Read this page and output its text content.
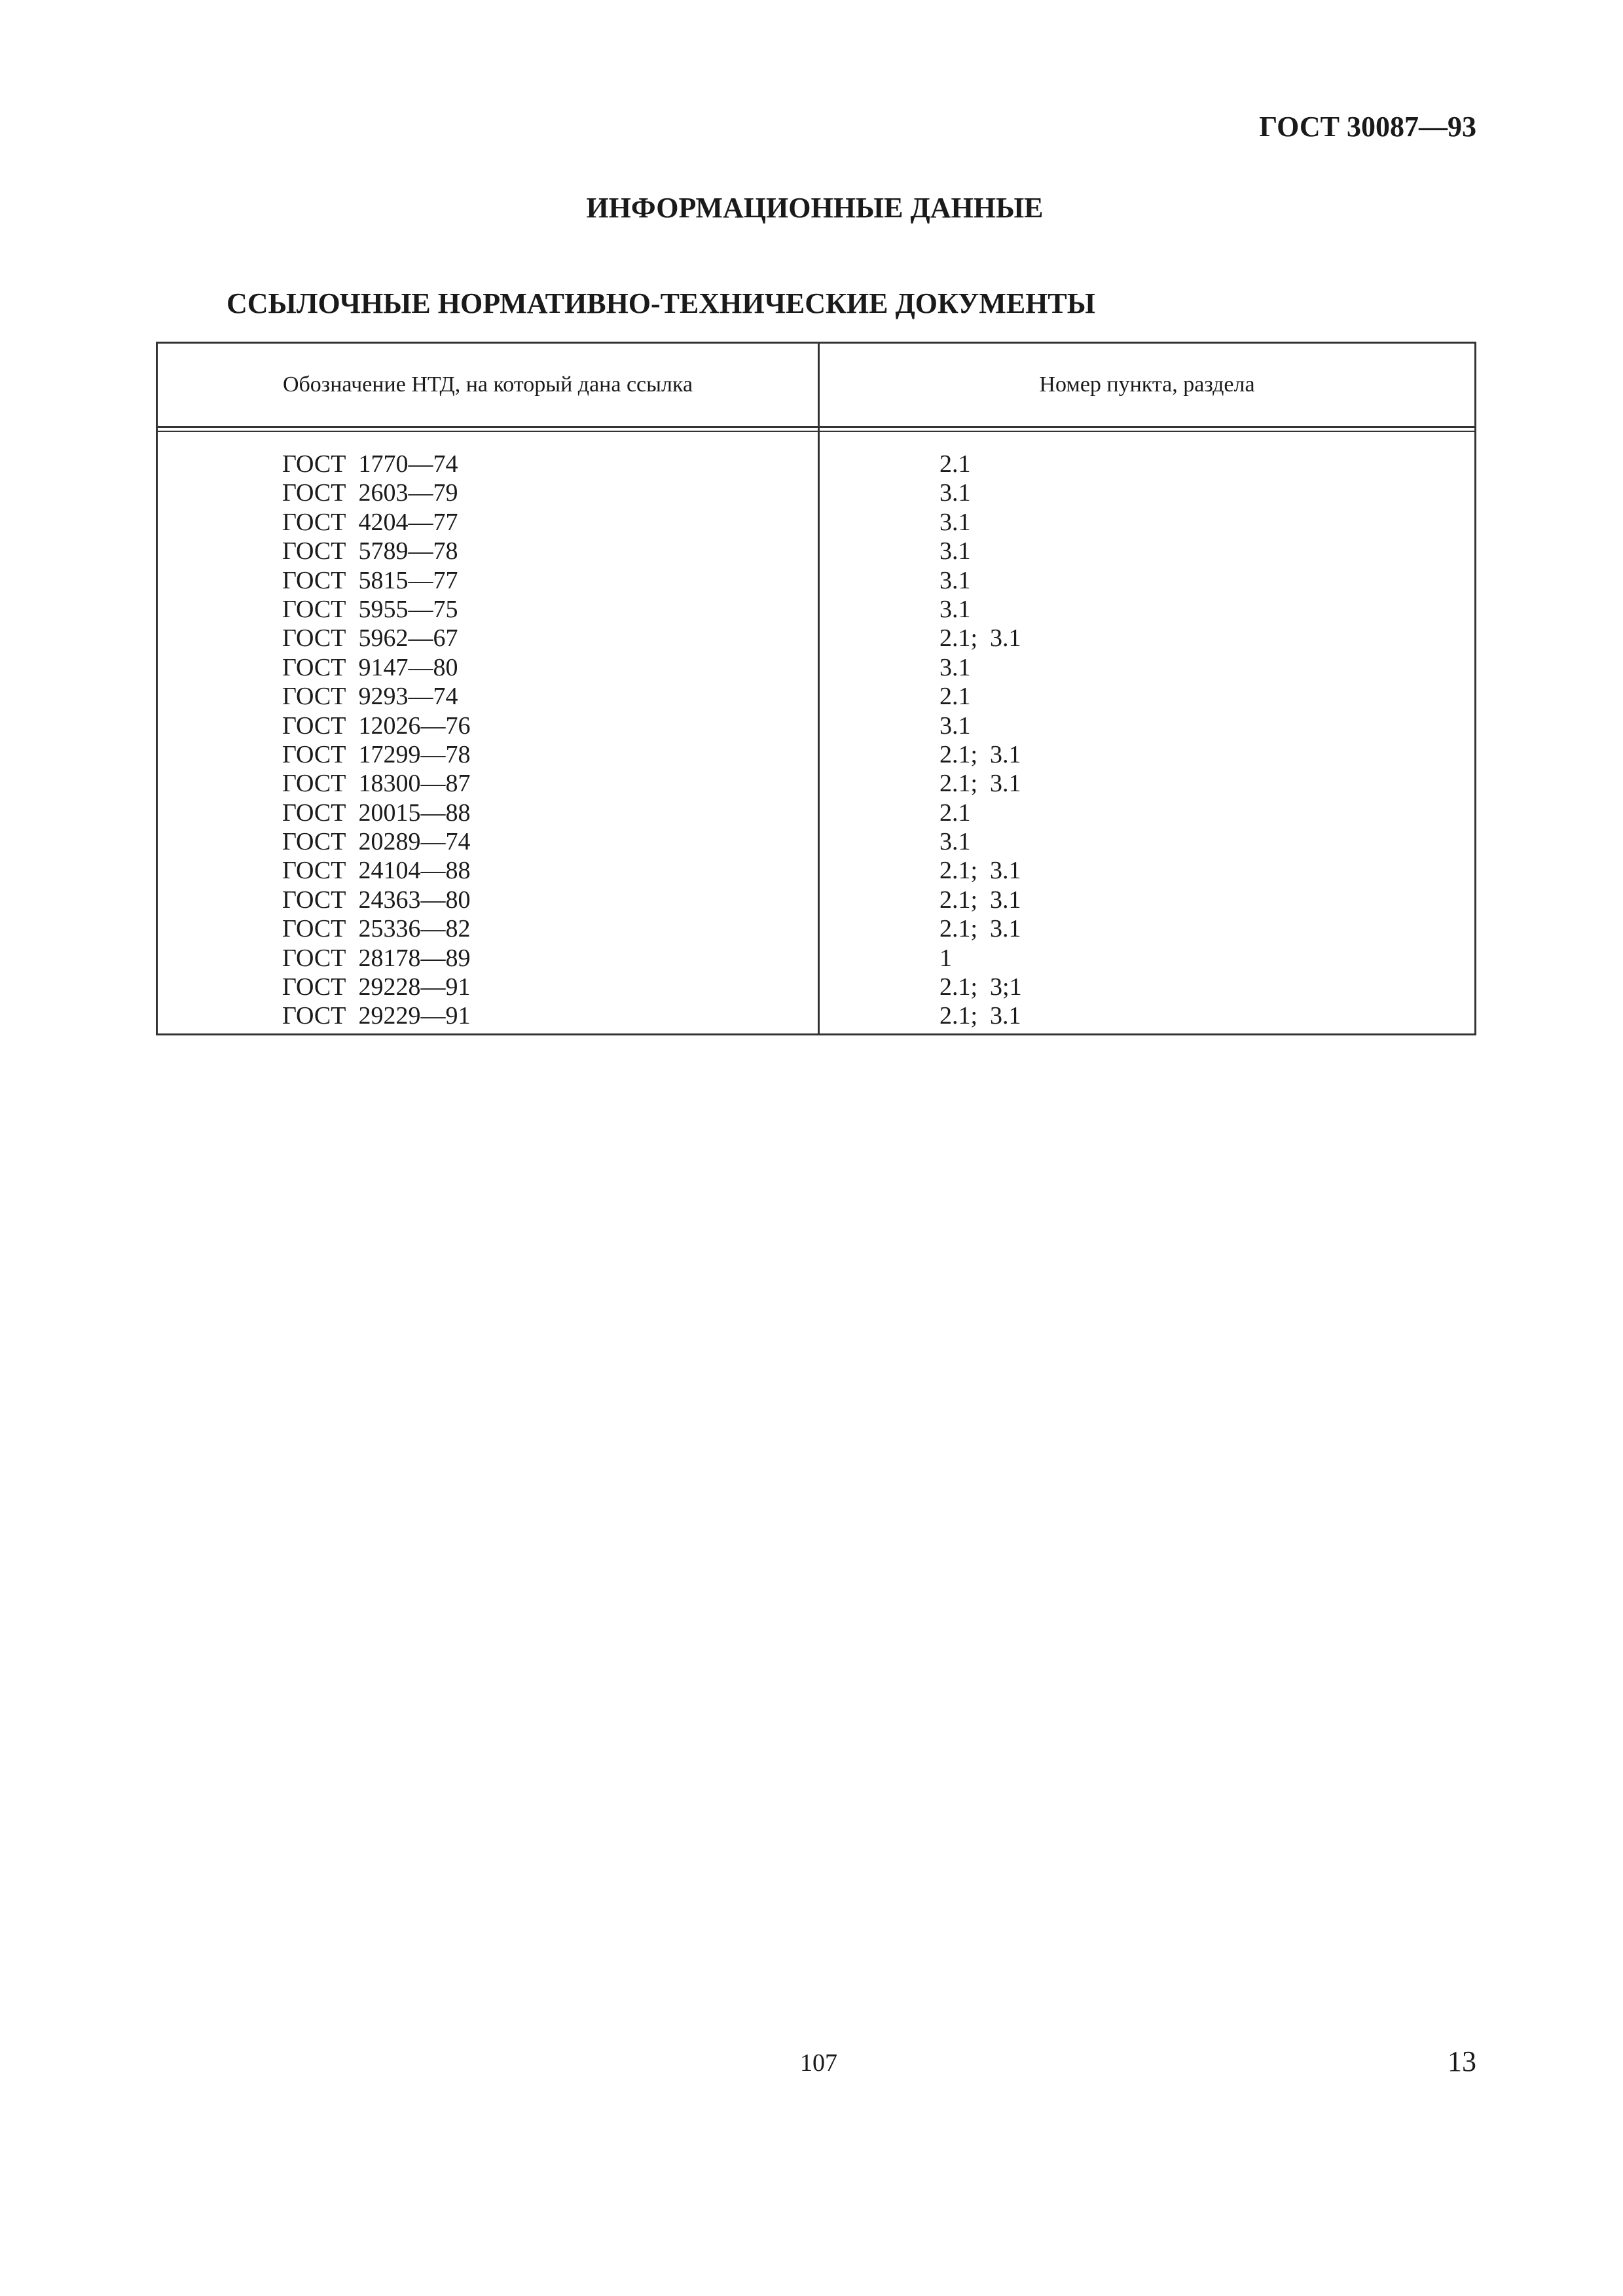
ГОСТ 30087—93
ИНФОРМАЦИОННЫЕ ДАННЫЕ
ССЫЛОЧНЫЕ НОРМАТИВНО-ТЕХНИЧЕСКИЕ ДОКУМЕНТЫ
Обозначение НТД, на который дана ссылка	Номер пункта, раздела
ГОСТ  1770—74
ГОСТ  2603—79
ГОСТ  4204—77
ГОСТ  5789—78
ГОСТ  5815—77
ГОСТ  5955—75
ГОСТ  5962—67
ГОСТ  9147—80
ГОСТ  9293—74
ГОСТ  12026—76
ГОСТ  17299—78
ГОСТ  18300—87
ГОСТ  20015—88
ГОСТ  20289—74
ГОСТ  24104—88
ГОСТ  24363—80
ГОСТ  25336—82
ГОСТ  28178—89
ГОСТ  29228—91
ГОСТ  29229—91
2.1
3.1
3.1
3.1
3.1
3.1
2.1;  3.1
3.1
2.1
3.1
2.1;  3.1
2.1;  3.1
2.1
3.1
2.1;  3.1
2.1;  3.1
2.1;  3.1
1
2.1;  3;1
2.1;  3.1
107	13
